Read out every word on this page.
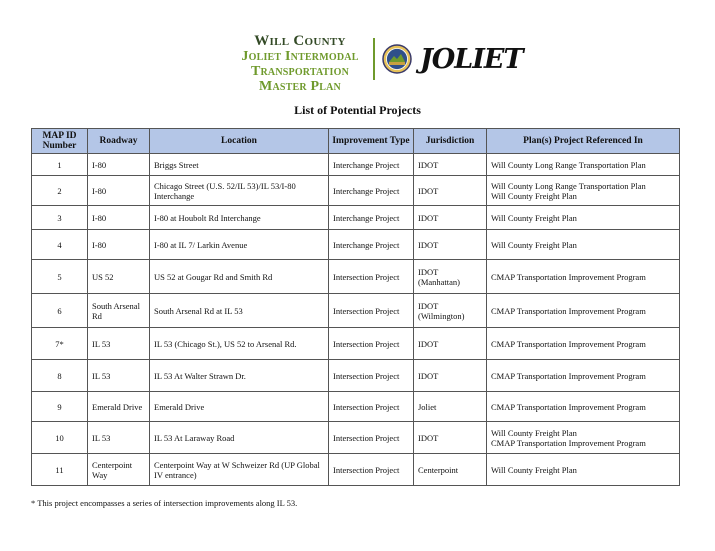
Will County
Joliet Intermodal
Transportation
Master Plan
JOLIET
List of Potential Projects
MAP ID Number	Roadway	Location	Improvement Type	Jurisdiction	Plan(s) Project Referenced In
1	I-80	Briggs Street	Interchange Project	IDOT	Will County Long Range Transportation Plan
2	I-80	Chicago Street (U.S. 52/IL 53)/IL 53/I-80 Interchange	Interchange Project	IDOT	Will County Long Range Transportation Plan
Will County Freight Plan
3	I-80	I-80 at Houbolt Rd Interchange	Interchange Project	IDOT	Will County Freight Plan
4	I-80	I-80 at IL 7/ Larkin Avenue	Interchange Project	IDOT	Will County Freight Plan
5	US 52	US 52 at Gougar Rd and Smith Rd	Intersection Project	IDOT (Manhattan)	CMAP Transportation Improvement Program
6	South Arsenal Rd	South Arsenal Rd at IL 53	Intersection Project	IDOT (Wilmington)	CMAP Transportation Improvement Program
7*	IL 53	IL 53 (Chicago St.), US 52 to Arsenal Rd.	Intersection Project	IDOT	CMAP Transportation Improvement Program
8	IL 53	IL 53 At Walter Strawn Dr.	Intersection Project	IDOT	CMAP Transportation Improvement Program
9	Emerald Drive	Emerald Drive	Intersection Project	Joliet	CMAP Transportation Improvement Program
10	IL 53	IL 53 At Laraway Road	Intersection Project	IDOT	Will County Freight Plan
CMAP Transportation Improvement Program
11	Centerpoint Way	Centerpoint Way at W Schweizer Rd (UP Global IV entrance)	Intersection Project	Centerpoint	Will County Freight Plan
* This project encompasses a series of intersection improvements along IL 53.
